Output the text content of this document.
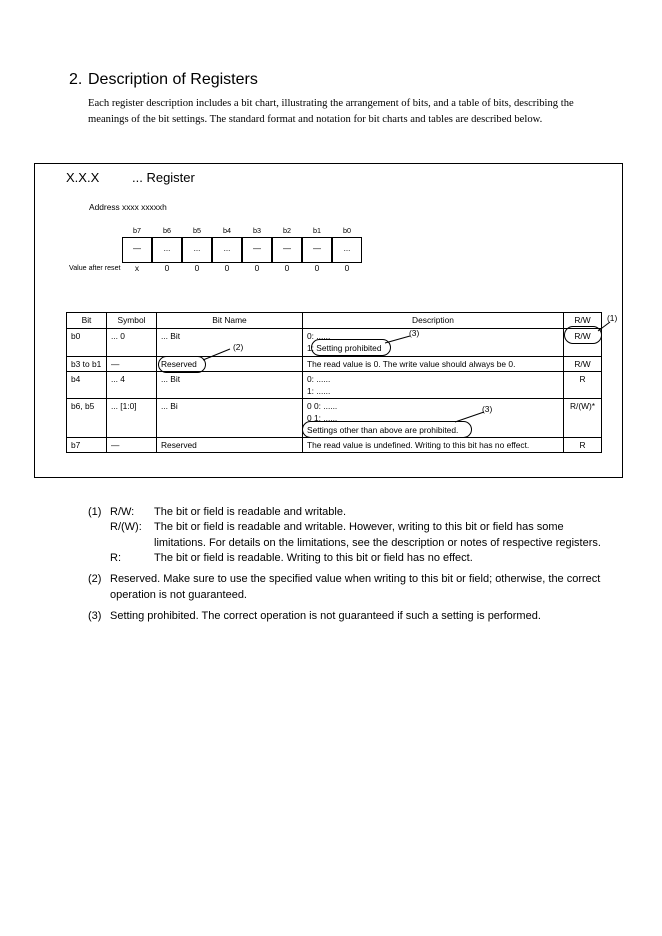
2. Description of Registers
Each register description includes a bit chart, illustrating the arrangement of bits, and a table of bits, describing the meanings of the bit settings. The standard format and notation for bit charts and tables are described below.
X.X.X	... Register
Address xxxx xxxxxh
b7	b6	b5	b4	b3	b2	b1	b0
—	...	...	...	—	—	—	...
Value after reset	x	0	0	0	0	0	0	0
Bit	Symbol	Bit Name	Description	R/W
b0	... 0	... Bit	0: ......
1: Setting prohibited	R/W
b3 to b1	—	Reserved	The read value is 0. The write value should always be 0.	R/W
b4	... 4	... Bit	0: ......
1: ......	R
b6, b5	... [1:0]	... Bi	0 0: ......
0 1: ......
Settings other than above are prohibited.	R/(W)*
b7	—	Reserved	The read value is undefined. Writing to this bit has no effect.	R
(1)
(2)
(3)
(3)
(1) R/W: The bit or field is readable and writable.
R/(W): The bit or field is readable and writable. However, writing to this bit or field has some limitations. For details on the limitations, see the description or notes of respective registers.
R:	The bit or field is readable. Writing to this bit or field has no effect.
(2) Reserved. Make sure to use the specified value when writing to this bit or field; otherwise, the correct operation is not guaranteed.
(3) Setting prohibited. The correct operation is not guaranteed if such a setting is performed.
